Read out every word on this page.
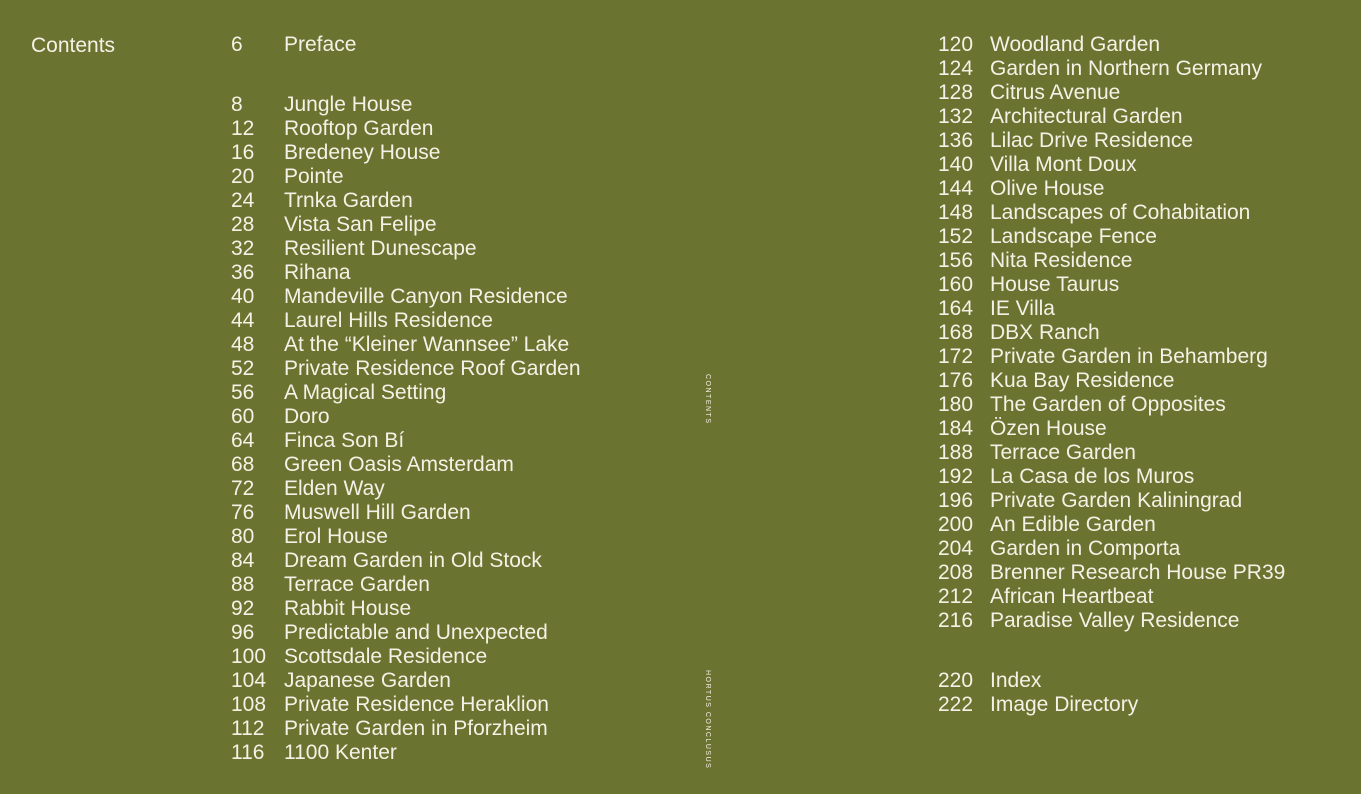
Contents	6	Preface
8	Jungle House
12	Rooftop Garden
16	Bredeney House
20	Pointe
24	Trnka Garden
28	Vista San Felipe
32	Resilient Dunescape
36	Rihana
40	Mandeville Canyon Residence
44	Laurel Hills Residence
48	At the “Kleiner Wannsee” Lake
52	Private Residence Roof Garden
56	A Magical Setting
60	Doro
64	Finca Son Bí
68	Green Oasis Amsterdam
72	Elden Way
76	Muswell Hill Garden
80	Erol House
84	Dream Garden in Old Stock
88	Terrace Garden
92	Rabbit House
96	Predictable and Unexpected
100 Scottsdale Residence
104 Japanese Garden
108 Private Residence Heraklion
112 Private Garden in Pforzheim
116 1100 Kenter
120 Woodland Garden
124 Garden in Northern Germany
128 Citrus Avenue
132 Architectural Garden
136 Lilac Drive Residence
140 Villa Mont Doux
144 Olive House
148 Landscapes of Cohabitation
152 Landscape Fence
156 Nita Residence
160 House Taurus
164 IE Villa
168 DBX Ranch
172 Private Garden in Behamberg
176 Kua Bay Residence
180 The Garden of Opposites
184 Özen House
188 Terrace Garden
192 La Casa de los Muros
196 Private Garden Kaliningrad
200 An Edible Garden
204 Garden in Comporta
208 Brenner Research House PR39
212 African Heartbeat
216 Paradise Valley Residence
220 Index
222 Image Directory
CONTENTS
HORTUS CONCLUSUS
